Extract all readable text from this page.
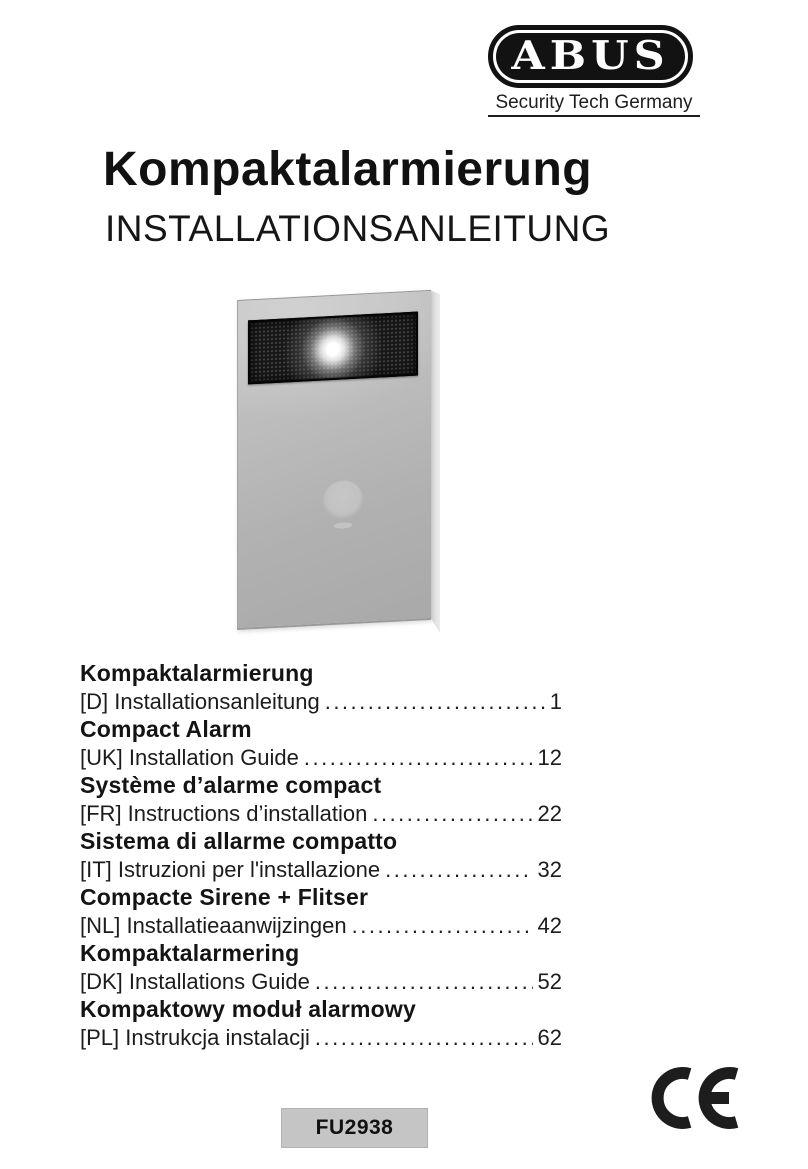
ABUS
Security Tech Germany
Kompaktalarmierung
INSTALLATIONSANLEITUNG
Kompaktalarmierung
[D] Installationsanleitung .....	1
Compact Alarm
[UK] Installation Guide .....	12
Système d’alarme compact
[FR] Instructions d’installation .....	22
Sistema di allarme compatto
[IT] Istruzioni per l'installazione .....	32
Compacte Sirene + Flitser
[NL] Installatieaanwijzingen .....	42
Kompaktalarmering
[DK] Installations Guide .....	52
Kompaktowy moduł alarmowy
[PL] Instrukcja instalacji .....	62
FU2938
